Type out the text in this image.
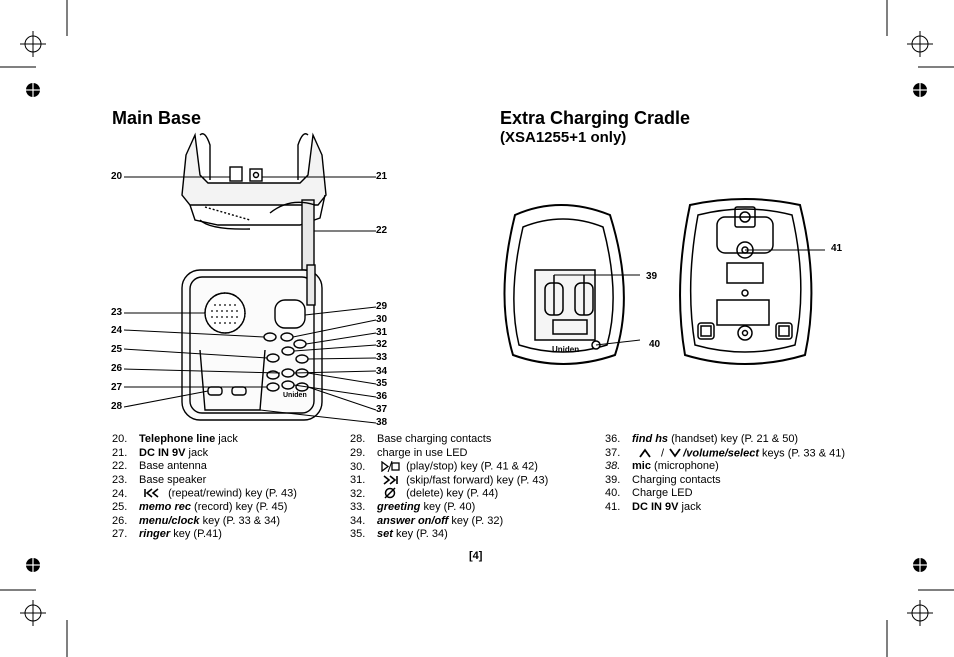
Main Base	Extra Charging Cradle
(XSA1255+1 only)
Uniden
20	21
22
23
24
25
26
27
28
29
30
31
32
33
34
35
36
37
38
Uniden
39
40
41
20. Telephone line jack
21. DC IN 9V jack
22. Base antenna
23. Base speaker
24.	(repeat/rewind) key (P. 43)
25. memo rec (record) key (P. 45)
26. menu/clock key (P. 33 & 34)
27. ringer key (P.41)
28. Base charging contacts
29. charge in use LED
30.	(play/stop) key (P. 41 & 42)
31.	(skip/fast forward) key (P. 43)
32.	(delete) key (P. 44)
33. greeting key (P. 40)
34. answer on/off key (P. 32)
35. set key (P. 34)
36. find hs (handset) key (P. 21 & 50)
37.	/ /volume/select keys (P. 33 & 41)
38. mic (microphone)
39. Charging contacts
40. Charge LED
41. DC IN 9V jack
[4]
